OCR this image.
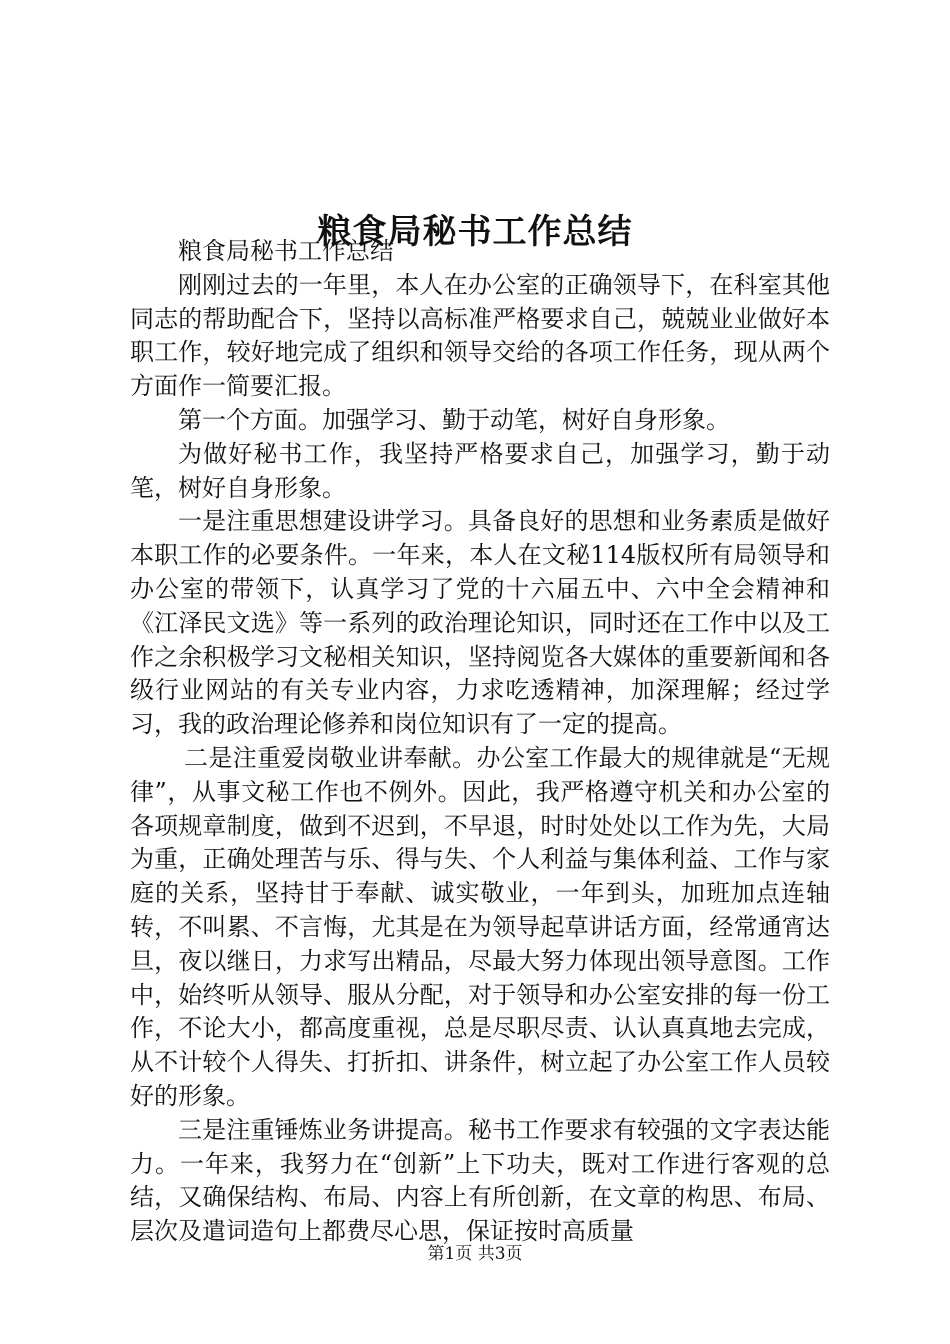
粮食局秘书工作总结

粮食局秘书工作总结

刚刚过去的一年里，本人在办公室的正确领导下，在科室其他同志的帮助配合下，坚持以高标准严格要求自己，兢兢业业做好本职工作，较好地完成了组织和领导交给的各项工作任务，现从两个方面作一简要汇报。

第一个方面。加强学习、勤于动笔，树好自身形象。

为做好秘书工作，我坚持严格要求自己，加强学习，勤于动笔，树好自身形象。

一是注重思想建设讲学习。具备良好的思想和业务素质是做好本职工作的必要条件。一年来，本人在文秘114版权所有局领导和办公室的带领下，认真学习了党的十六届五中、六中全会精神和《江泽民文选》等一系列的政治理论知识，同时还在工作中以及工作之余积极学习文秘相关知识，坚持阅览各大媒体的重要新闻和各级行业网站的有关专业内容，力求吃透精神，加深理解；经过学习，我的政治理论修养和岗位知识有了一定的提高。

二是注重爱岗敬业讲奉献。办公室工作最大的规律就是“无规律”，从事文秘工作也不例外。因此，我严格遵守机关和办公室的各项规章制度，做到不迟到，不早退，时时处处以工作为先，大局为重，正确处理苦与乐、得与失、个人利益与集体利益、工作与家庭的关系，坚持甘于奉献、诚实敬业，一年到头，加班加点连轴转，不叫累、不言悔，尤其是在为领导起草讲话方面，经常通宵达旦，夜以继日，力求写出精品，尽最大努力体现出领导意图。工作中，始终听从领导、服从分配，对于领导和办公室安排的每一份工作，不论大小，都高度重视，总是尽职尽责、认认真真地去完成，从不计较个人得失、打折扣、讲条件，树立起了办公室工作人员较好的形象。

三是注重锤炼业务讲提高。秘书工作要求有较强的文字表达能力。一年来，我努力在“创新”上下功夫，既对工作进行客观的总结，又确保结构、布局、内容上有所创新，在文章的构思、布局、层次及遣词造句上都费尽心思，保证按时高质量

第1页 共3页
